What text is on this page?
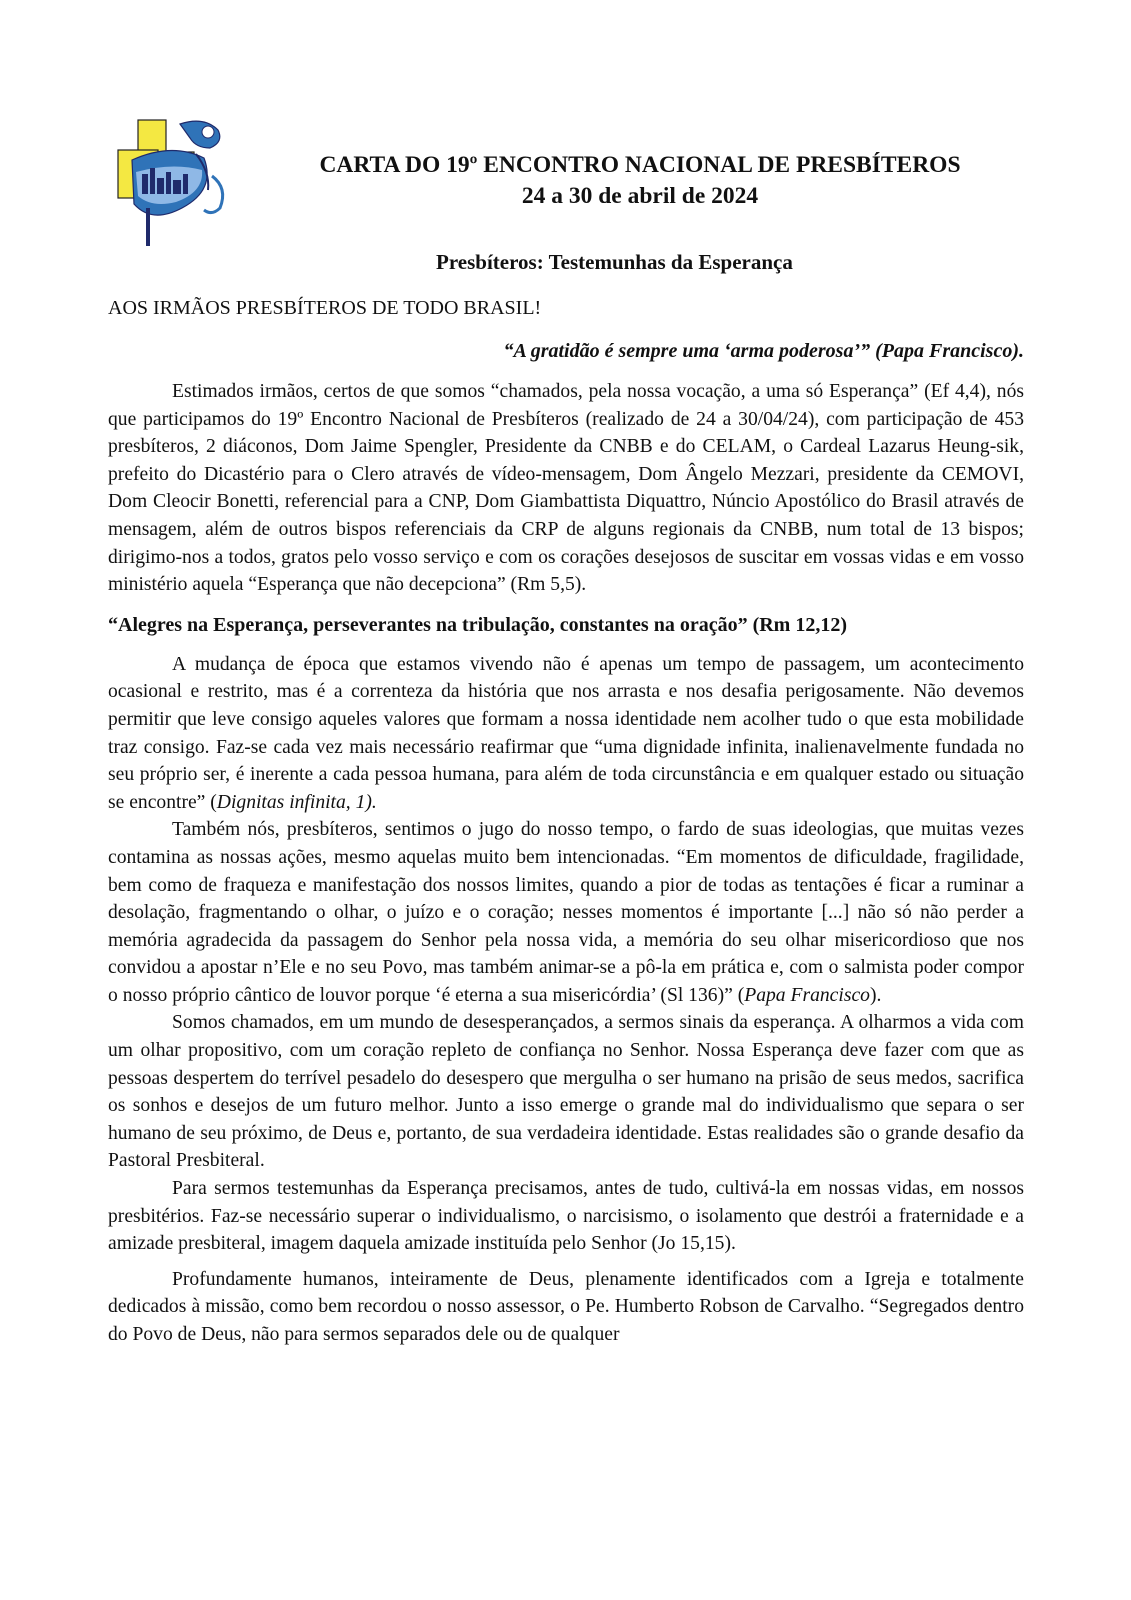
CARTA DO 19º ENCONTRO NACIONAL DE PRESBÍTEROS
24 a 30 de abril de 2024
Presbíteros: Testemunhas da Esperança
AOS IRMÃOS PRESBÍTEROS DE TODO BRASIL!
“A gratidão é sempre uma ‘arma poderosa’” (Papa Francisco).

Estimados irmãos, certos de que somos “chamados, pela nossa vocação, a uma só Esperança” (Ef 4,4), nós que participamos do 19º Encontro Nacional de Presbíteros (realizado de 24 a 30/04/24), com participação de 453 presbíteros, 2 diáconos, Dom Jaime Spengler, Presidente da CNBB e do CELAM, o Cardeal Lazarus Heung-sik, prefeito do Dicastério para o Clero através de vídeo-mensagem, Dom Ângelo Mezzari, presidente da CEMOVI, Dom Cleocir Bonetti, referencial para a CNP, Dom Giambattista Diquattro, Núncio Apostólico do Brasil através de mensagem, além de outros bispos referenciais da CRP de alguns regionais da CNBB, num total de 13 bispos; dirigimo-nos a todos, gratos pelo vosso serviço e com os corações desejosos de suscitar em vossas vidas e em vosso ministério aquela “Esperança que não decepciona” (Rm 5,5).

“Alegres na Esperança, perseverantes na tribulação, constantes na oração” (Rm 12,12)

A mudança de época que estamos vivendo não é apenas um tempo de passagem, um acontecimento ocasional e restrito, mas é a correnteza da história que nos arrasta e nos desafia perigosamente. Não devemos permitir que leve consigo aqueles valores que formam a nossa identidade nem acolher tudo o que esta mobilidade traz consigo. Faz-se cada vez mais necessário reafirmar que “uma dignidade infinita, inalienavelmente fundada no seu próprio ser, é inerente a cada pessoa humana, para além de toda circunstância e em qualquer estado ou situação se encontre” (Dignitas infinita, 1).

Também nós, presbíteros, sentimos o jugo do nosso tempo, o fardo de suas ideologias, que muitas vezes contamina as nossas ações, mesmo aquelas muito bem intencionadas. “Em momentos de dificuldade, fragilidade, bem como de fraqueza e manifestação dos nossos limites, quando a pior de todas as tentações é ficar a ruminar a desolação, fragmentando o olhar, o juízo e o coração; nesses momentos é importante [...] não só não perder a memória agradecida da passagem do Senhor pela nossa vida, a memória do seu olhar misericordioso que nos convidou a apostar n’Ele e no seu Povo, mas também animar-se a pô-la em prática e, com o salmista poder compor o nosso próprio cântico de louvor porque ‘é eterna a sua misericórdia’ (Sl 136)” (Papa Francisco).

Somos chamados, em um mundo de desesperançados, a sermos sinais da esperança. A olharmos a vida com um olhar propositivo, com um coração repleto de confiança no Senhor. Nossa Esperança deve fazer com que as pessoas despertem do terrível pesadelo do desespero que mergulha o ser humano na prisão de seus medos, sacrifica os sonhos e desejos de um futuro melhor. Junto a isso emerge o grande mal do individualismo que separa o ser humano de seu próximo, de Deus e, portanto, de sua verdadeira identidade. Estas realidades são o grande desafio da Pastoral Presbiteral.

Para sermos testemunhas da Esperança precisamos, antes de tudo, cultivá-la em nossas vidas, em nossos presbitérios. Faz-se necessário superar o individualismo, o narcisismo, o isolamento que destrói a fraternidade e a amizade presbiteral, imagem daquela amizade instituída pelo Senhor (Jo 15,15).

Profundamente humanos, inteiramente de Deus, plenamente identificados com a Igreja e totalmente dedicados à missão, como bem recordou o nosso assessor, o Pe. Humberto Robson de Carvalho. “Segregados dentro do Povo de Deus, não para sermos separados dele ou de qualquer
